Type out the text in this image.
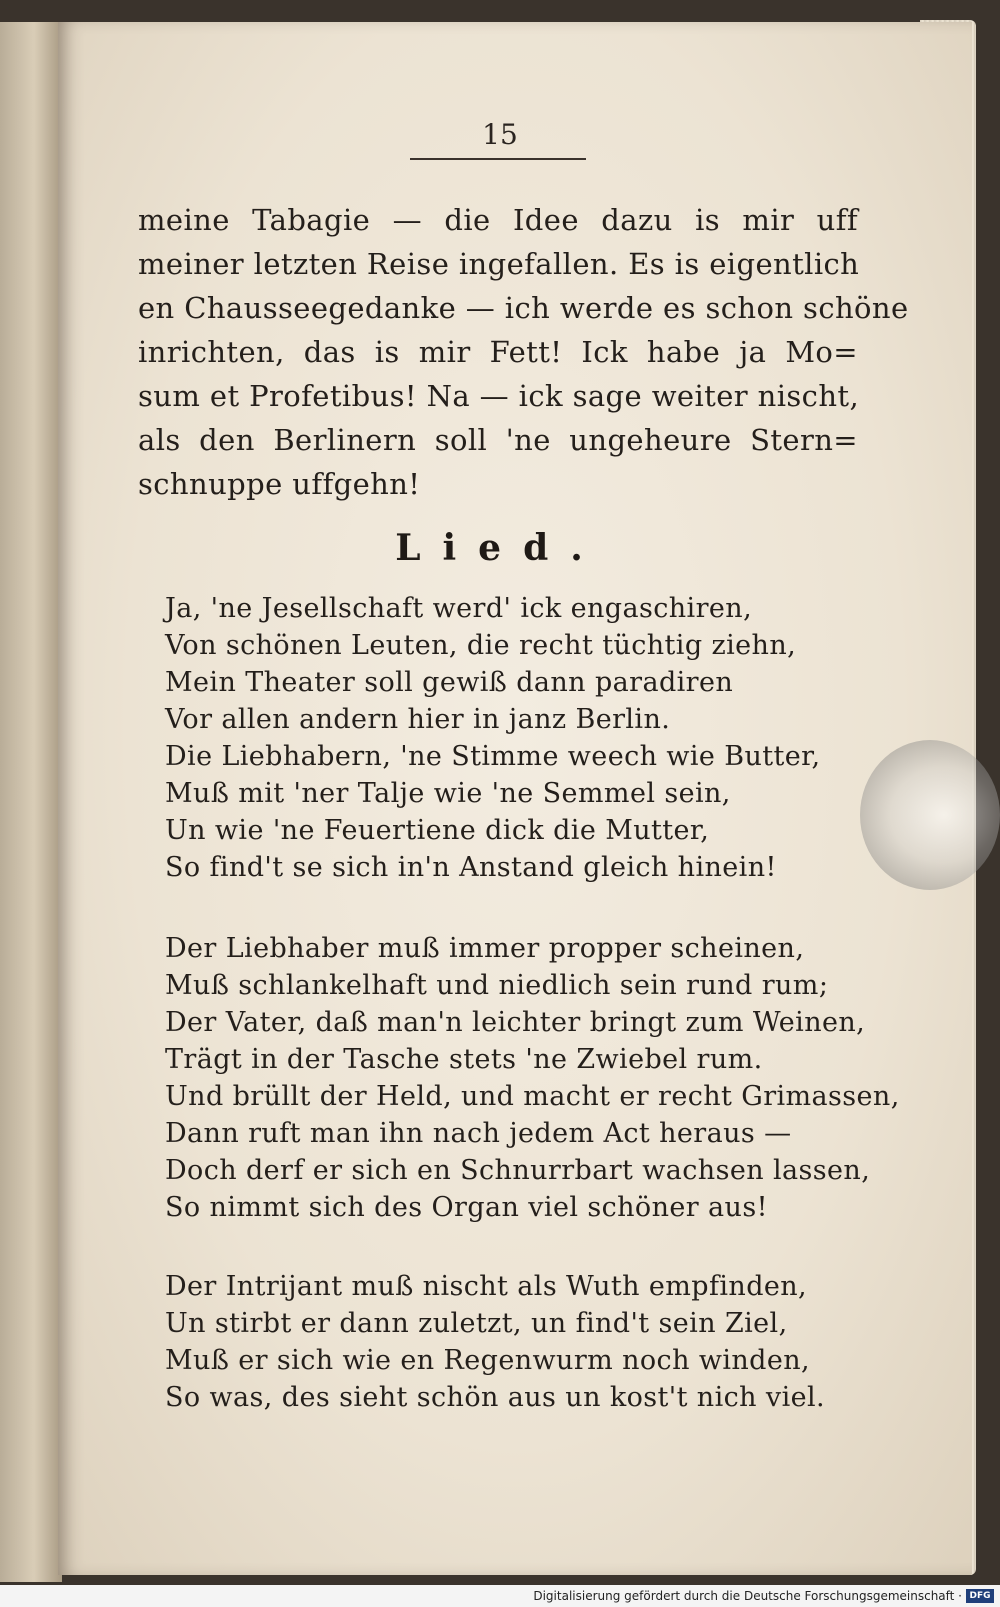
15
meine Tabagie — die Idee dazu is mir uff
meiner letzten Reise ingefallen. Es is eigentlich
en Chausseegedanke — ich werde es schon schöne
inrichten, das is mir Fett! Ick habe ja Mo=
sum et Profetibus! Na — ick sage weiter nischt,
als den Berlinern soll 'ne ungeheure Stern=
schnuppe uffgehn!
Lied.
Ja, 'ne Jesellschaft werd' ick engaschiren,
Von schönen Leuten, die recht tüchtig ziehn,
Mein Theater soll gewiß dann paradiren
Vor allen andern hier in janz Berlin.
Die Liebhabern, 'ne Stimme weech wie Butter,
Muß mit 'ner Talje wie 'ne Semmel sein,
Un wie 'ne Feuertiene dick die Mutter,
So find't se sich in'n Anstand gleich hinein!
Der Liebhaber muß immer propper scheinen,
Muß schlankelhaft und niedlich sein rund rum;
Der Vater, daß man'n leichter bringt zum Weinen,
Trägt in der Tasche stets 'ne Zwiebel rum.
Und brüllt der Held, und macht er recht Grimassen,
Dann ruft man ihn nach jedem Act heraus —
Doch derf er sich en Schnurrbart wachsen lassen,
So nimmt sich des Organ viel schöner aus!
Der Intrijant muß nischt als Wuth empfinden,
Un stirbt er dann zuletzt, un find't sein Ziel,
Muß er sich wie en Regenwurm noch winden,
So was, des sieht schön aus un kost't nich viel.
Digitalisierung gefördert durch die Deutsche Forschungsgemeinschaft · DFG
